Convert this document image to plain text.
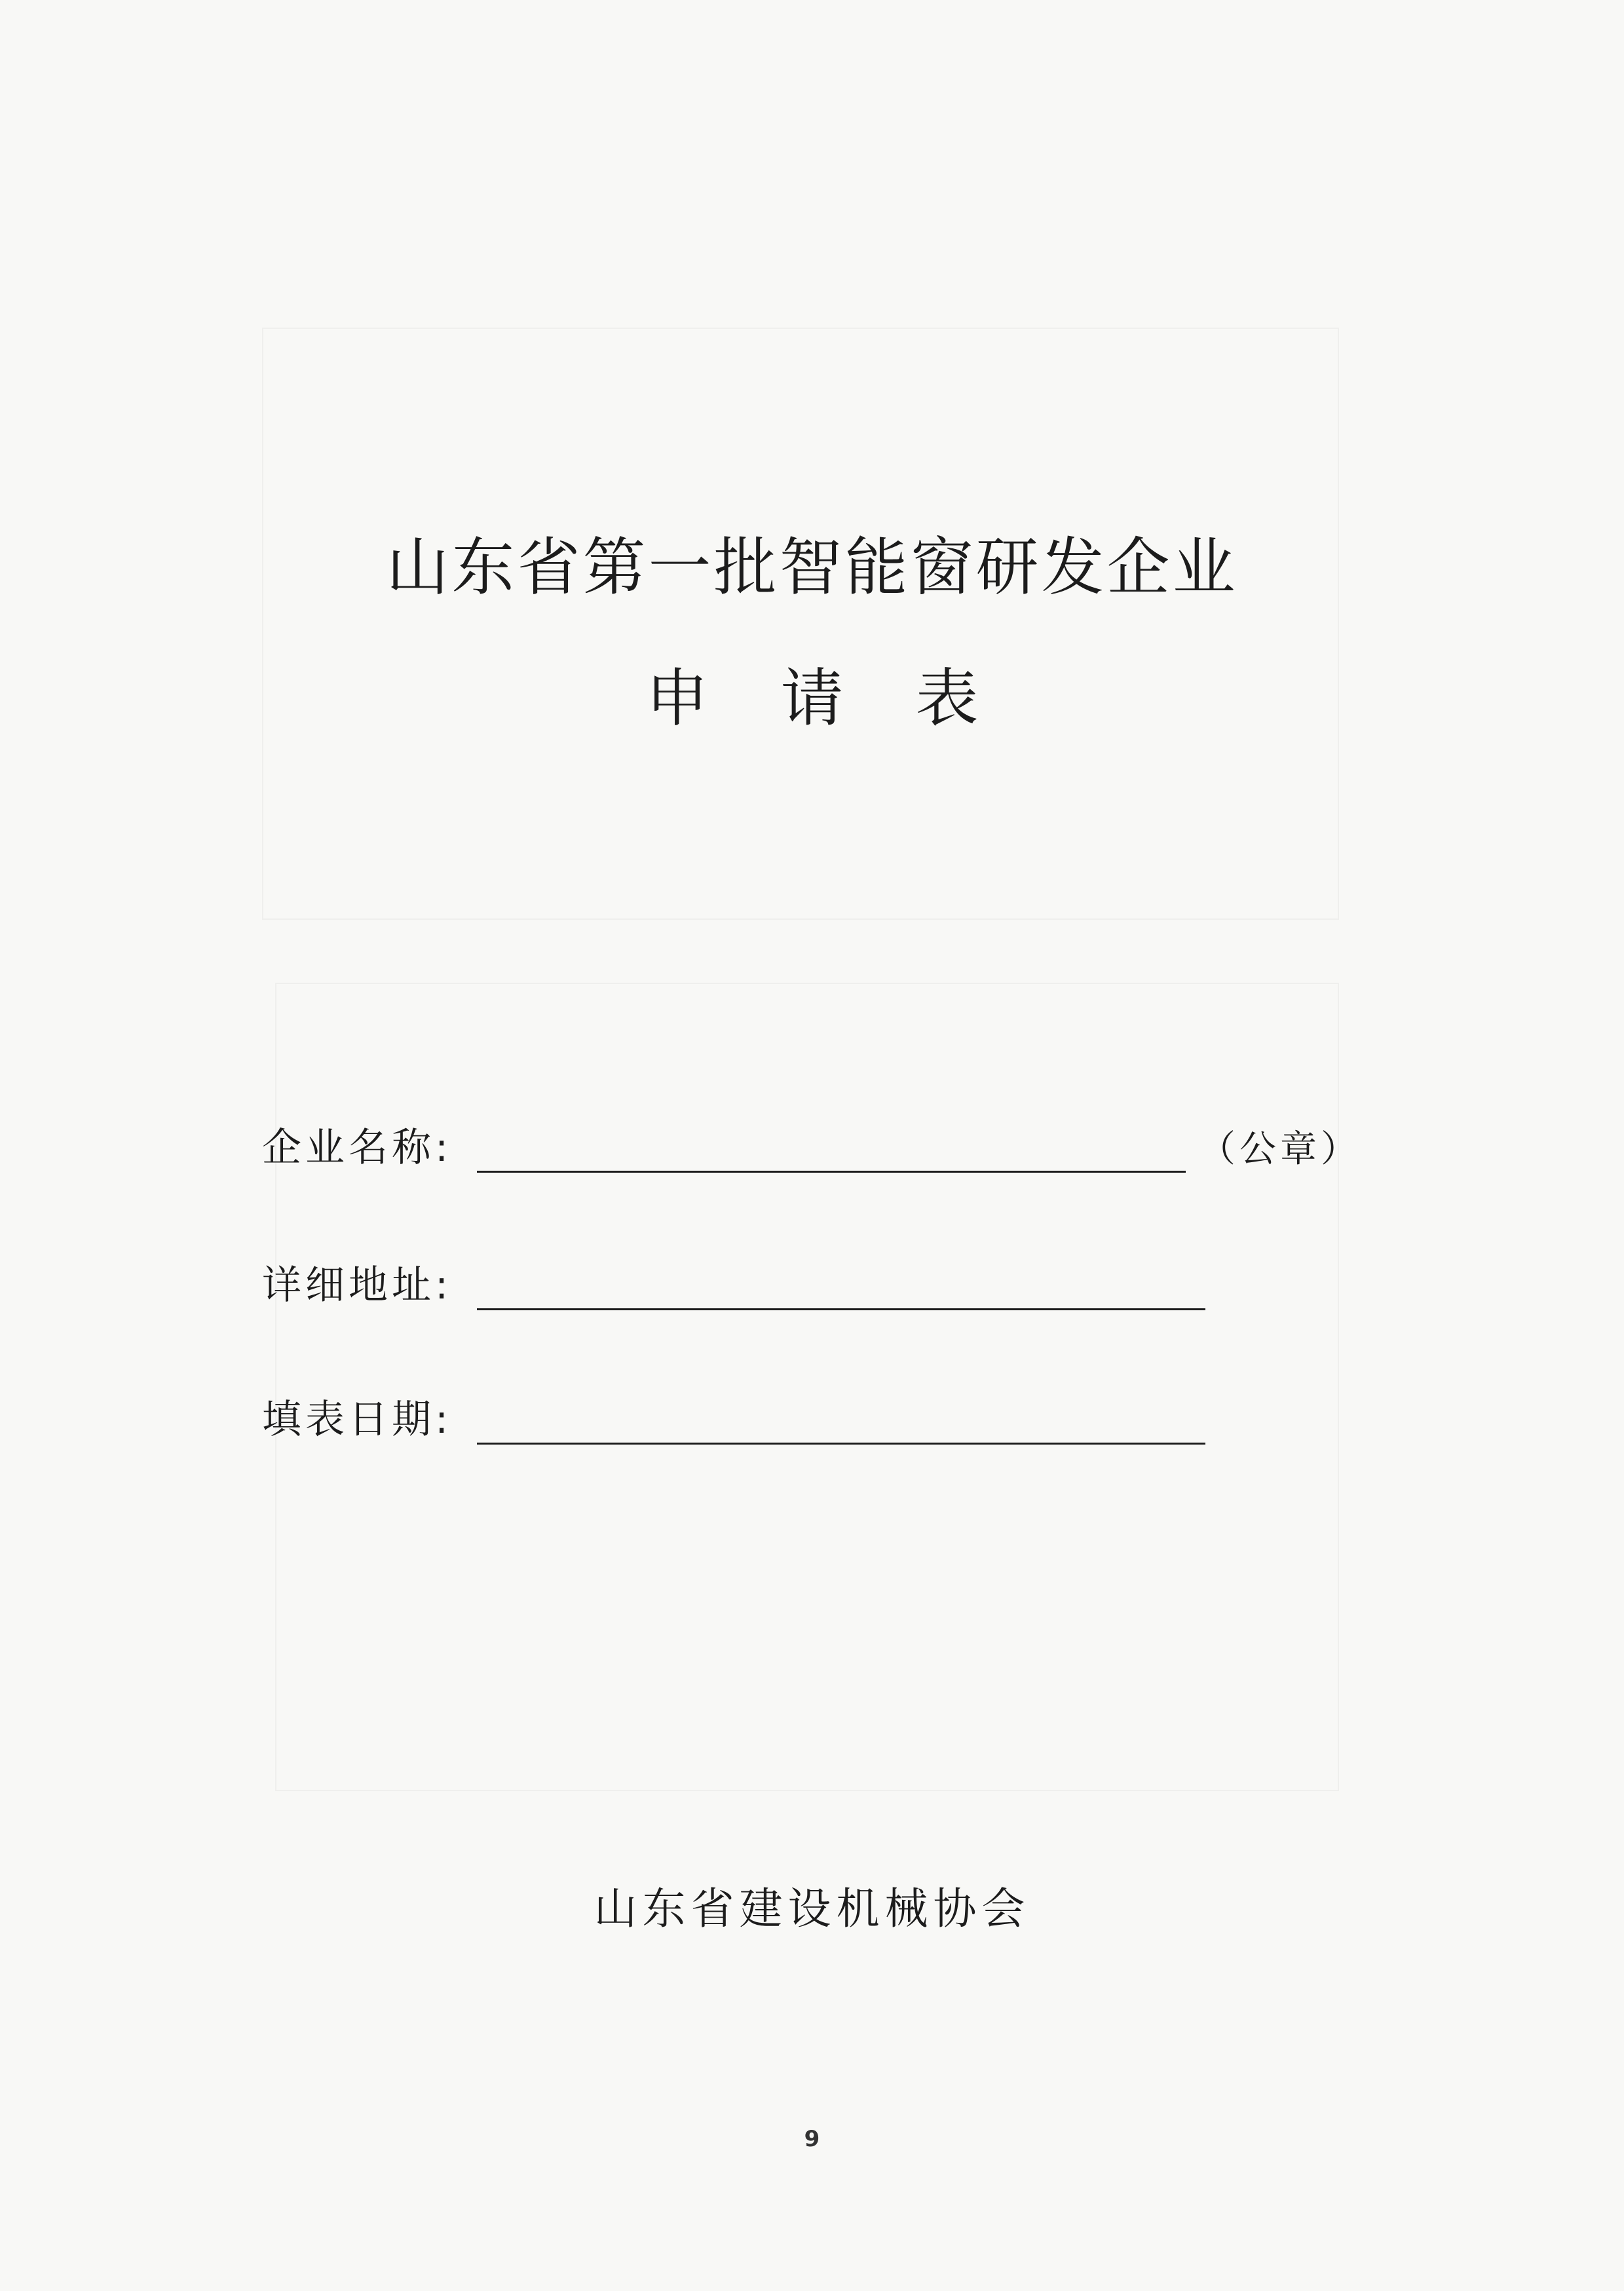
山东省第一批智能窗研发企业
申请表
企业名称:	（公章）
详细地址:
填表日期:
山东省建设机械协会
9
